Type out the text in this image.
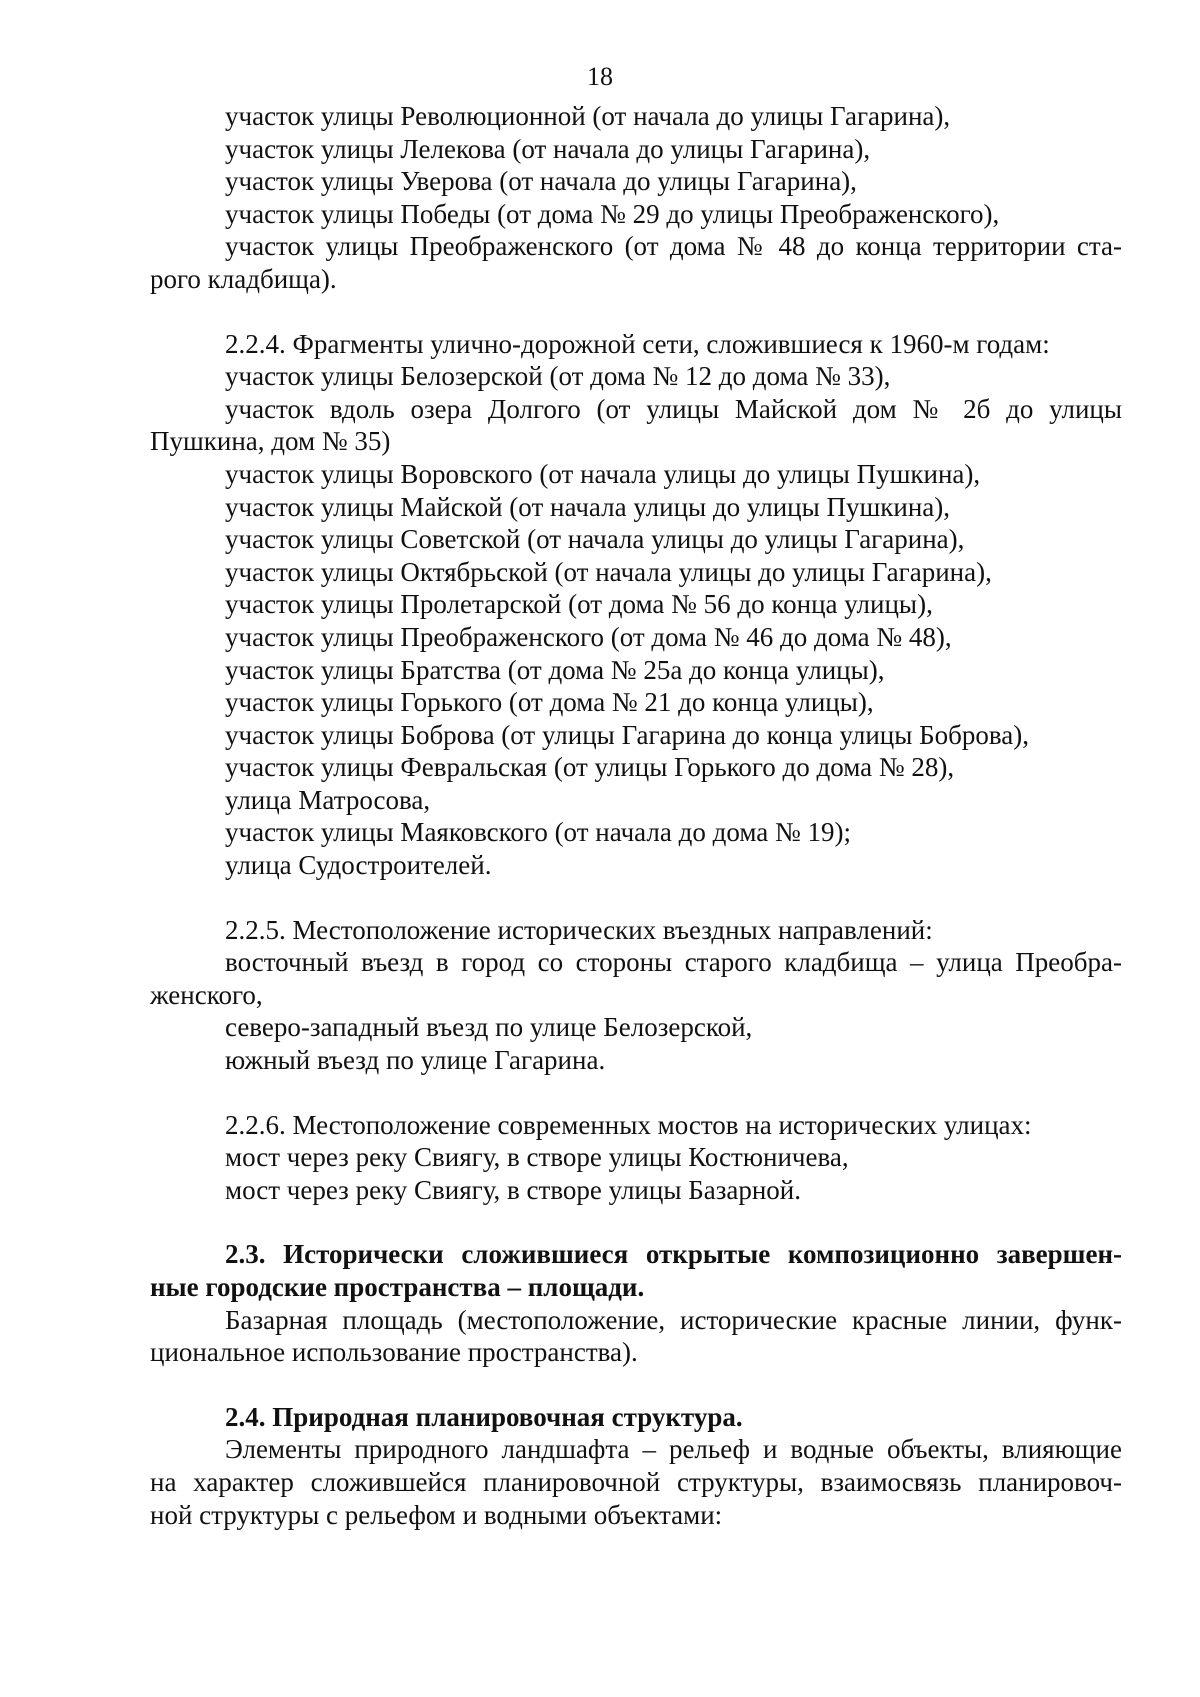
18
участок улицы Революционной (от начала до улицы Гагарина),
участок улицы Лелекова (от начала до улицы Гагарина),
участок улицы Уверова (от начала до улицы Гагарина),
участок улицы Победы (от дома № 29 до улицы Преображенского),
участок улицы Преображенского (от дома № 48 до конца территории ста-
рого кладбища).
2.2.4. Фрагменты улично-дорожной сети, сложившиеся к 1960-м годам:
участок улицы Белозерской (от дома № 12 до дома № 33),
участок вдоль озера Долгого (от улицы Майской дом № 2б до улицы
Пушкина, дом № 35)
участок улицы Воровского (от начала улицы до улицы Пушкина),
участок улицы Майской (от начала улицы до улицы Пушкина),
участок улицы Советской (от начала улицы до улицы Гагарина),
участок улицы Октябрьской (от начала улицы до улицы Гагарина),
участок улицы Пролетарской (от дома № 56 до конца улицы),
участок улицы Преображенского (от дома № 46 до дома № 48),
участок улицы Братства (от дома № 25а до конца улицы),
участок улицы Горького (от дома № 21 до конца улицы),
участок улицы Боброва (от улицы Гагарина до конца улицы Боброва),
участок улицы Февральская (от улицы Горького до дома № 28),
улица Матросова,
участок улицы Маяковского (от начала до дома № 19);
улица Судостроителей.
2.2.5. Местоположение исторических въездных направлений:
восточный въезд в город со стороны старого кладбища – улица Преобра-
женского,
северо-западный въезд по улице Белозерской,
южный въезд по улице Гагарина.
2.2.6. Местоположение современных мостов на исторических улицах:
мост через реку Свиягу, в створе улицы Костюничева,
мост через реку Свиягу, в створе улицы Базарной.
2.3. Исторически сложившиеся открытые композиционно завершен-
ные городские пространства – площади.
Базарная площадь (местоположение, исторические красные линии, функ-
циональное использование пространства).
2.4. Природная планировочная структура.
Элементы природного ландшафта – рельеф и водные объекты, влияющие
на характер сложившейся планировочной структуры, взаимосвязь планировоч-
ной структуры с рельефом и водными объектами:
